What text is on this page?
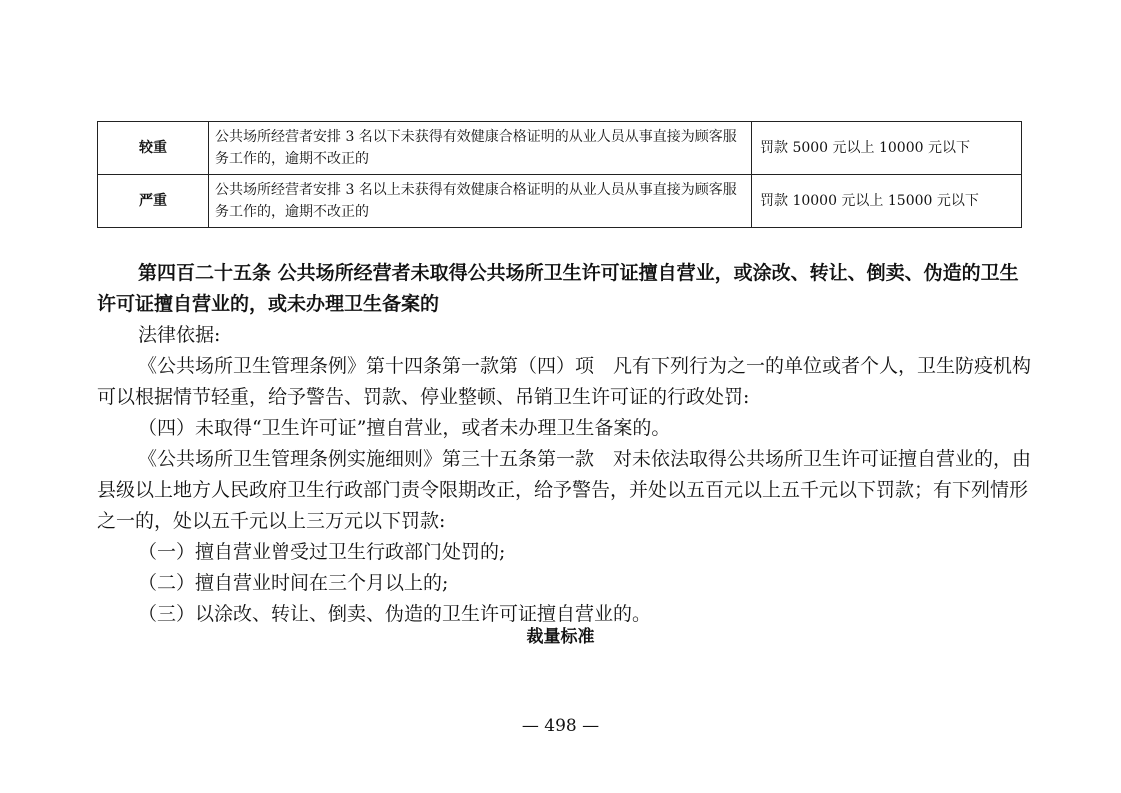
较重	公共场所经营者安排 3 名以下未获得有效健康合格证明的从业人员从事直接为顾客服务工作的，逾期不改正的	罚款 5000 元以上 10000 元以下
严重	公共场所经营者安排 3 名以上未获得有效健康合格证明的从业人员从事直接为顾客服务工作的，逾期不改正的	罚款 10000 元以上 15000 元以下

第四百二十五条 公共场所经营者未取得公共场所卫生许可证擅自营业，或涂改、转让、倒卖、伪造的卫生许可证擅自营业的，或未办理卫生备案的

法律依据:

《公共场所卫生管理条例》第十四条第一款第（四）项　凡有下列行为之一的单位或者个人，卫生防疫机构可以根据情节轻重，给予警告、罚款、停业整顿、吊销卫生许可证的行政处罚:

（四）未取得“卫生许可证”擅自营业，或者未办理卫生备案的。

《公共场所卫生管理条例实施细则》第三十五条第一款　对未依法取得公共场所卫生许可证擅自营业的，由县级以上地方人民政府卫生行政部门责令限期改正，给予警告，并处以五百元以上五千元以下罚款；有下列情形之一的，处以五千元以上三万元以下罚款:

（一）擅自营业曾受过卫生行政部门处罚的;

（二）擅自营业时间在三个月以上的;

（三）以涂改、转让、倒卖、伪造的卫生许可证擅自营业的。

裁量标准
— 498 —
